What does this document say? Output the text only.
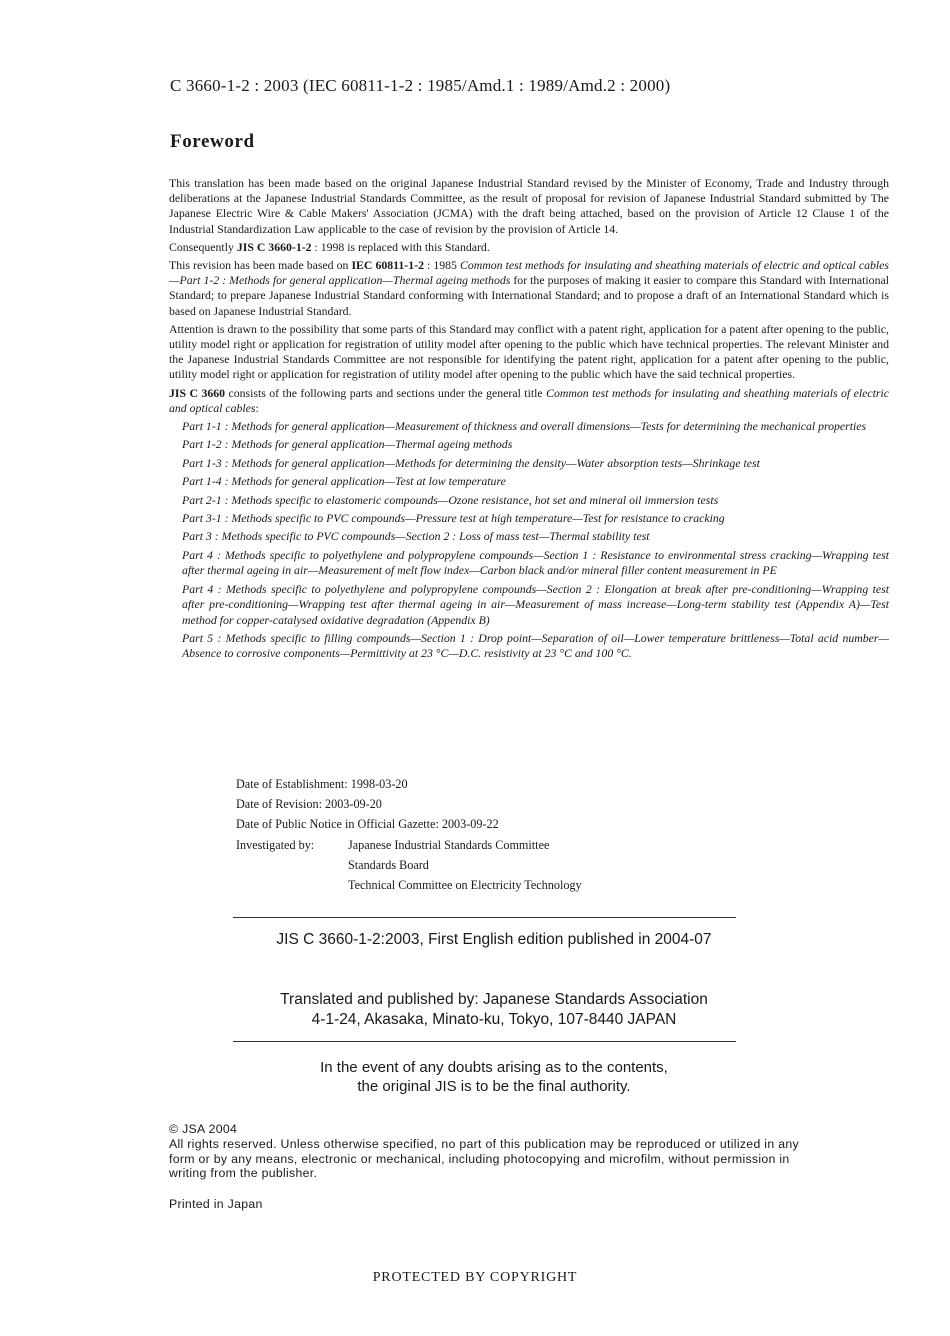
C 3660-1-2 : 2003 (IEC 60811-1-2 : 1985/Amd.1 : 1989/Amd.2 : 2000)
Foreword

This translation has been made based on the original Japanese Industrial Standard revised by the Minister of Economy, Trade and Industry through deliberations at the Japanese Industrial Standards Committee, as the result of proposal for revision of Japanese Industrial Standard submitted by The Japanese Electric Wire & Cable Makers' Association (JCMA) with the draft being attached, based on the provision of Article 12 Clause 1 of the Industrial Standardization Law applicable to the case of revision by the provision of Article 14.

Consequently JIS C 3660-1-2 : 1998 is replaced with this Standard.

This revision has been made based on IEC 60811-1-2 : 1985 Common test methods for insulating and sheathing materials of electric and optical cables—Part 1-2 : Methods for general application—Thermal ageing methods for the purposes of making it easier to compare this Standard with International Standard; to prepare Japanese Industrial Standard conforming with International Standard; and to propose a draft of an International Standard which is based on Japanese Industrial Standard.

Attention is drawn to the possibility that some parts of this Standard may conflict with a patent right, application for a patent after opening to the public, utility model right or application for registration of utility model after opening to the public which have technical properties. The relevant Minister and the Japanese Industrial Standards Committee are not responsible for identifying the patent right, application for a patent after opening to the public, utility model right or application for registration of utility model after opening to the public which have the said technical properties.

JIS C 3660 consists of the following parts and sections under the general title Common test methods for insulating and sheathing materials of electric and optical cables:

Part 1-1 : Methods for general application—Measurement of thickness and overall dimensions—Tests for determining the mechanical properties

Part 1-2 : Methods for general application—Thermal ageing methods

Part 1-3 : Methods for general application—Methods for determining the density—Water absorption tests—Shrinkage test

Part 1-4 : Methods for general application—Test at low temperature

Part 2-1 : Methods specific to elastomeric compounds—Ozone resistance, hot set and mineral oil immersion tests

Part 3-1 : Methods specific to PVC compounds—Pressure test at high temperature—Test for resistance to cracking

Part 3 : Methods specific to PVC compounds—Section 2 : Loss of mass test—Thermal stability test

Part 4 : Methods specific to polyethylene and polypropylene compounds—Section 1 : Resistance to environmental stress cracking—Wrapping test after thermal ageing in air—Measurement of melt flow index—Carbon black and/or mineral filler content measurement in PE

Part 4 : Methods specific to polyethylene and polypropylene compounds—Section 2 : Elongation at break after pre-conditioning—Wrapping test after pre-conditioning—Wrapping test after thermal ageing in air—Measurement of mass increase—Long-term stability test (Appendix A)—Test method for copper-catalysed oxidative degradation (Appendix B)

Part 5 : Methods specific to filling compounds—Section 1 : Drop point—Separation of oil—Lower temperature brittleness—Total acid number—Absence to corrosive components—Permittivity at 23 °C—D.C. resistivity at 23 °C and 100 °C.

Date of Establishment: 1998-03-20
Date of Revision: 2003-09-20
Date of Public Notice in Official Gazette: 2003-09-22
Investigated by:	Japanese Industrial Standards Committee
Standards Board
Technical Committee on Electricity Technology
JIS C 3660-1-2:2003, First English edition published in 2004-07
Translated and published by: Japanese Standards Association
4-1-24, Akasaka, Minato-ku, Tokyo, 107-8440 JAPAN
In the event of any doubts arising as to the contents,
the original JIS is to be the final authority.
© JSA 2004
All rights reserved. Unless otherwise specified, no part of this publication may be reproduced or utilized in any form or by any means, electronic or mechanical, including photocopying and microfilm, without permission in writing from the publisher.
Printed in Japan
PROTECTED BY COPYRIGHT
